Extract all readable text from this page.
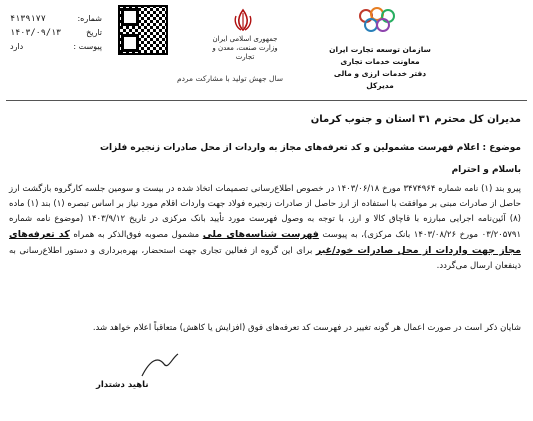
شماره:
۴۱۳۹۱۷۷
تاریخ
۱۴۰۳/۰۹/۱۳
پیوست :
دارد
جمهوری اسلامی ایران
وزارت صنعت، معدن و تجارت
سازمان توسعه تجارت ایران
معاونت خدمات تجاری
دفتر خدمات ارزی و مالی
مدیرکل
سال جهش تولید با مشارکت مردم
مدیران کل محترم ۳۱ استان و جنوب کرمان
موضوع : اعلام فهرست مشمولین و کد تعرفه‌های مجاز به واردات از محل صادرات زنجیره فلزات
باسلام و احترام

پیرو بند (۱) نامه شماره ۳۴۷۴۹۶۴ مورخ ۱۴۰۳/۰۶/۱۸ در خصوص اطلاع‌رسانی تصمیمات اتخاذ شده در بیست و سومین جلسه کارگروه بازگشت ارز حاصل از صادرات مبنی بر موافقت با استفاده از ارز حاصل از صادرات زنجیره فولاد جهت واردات اقلام مورد نیاز بر اساس تبصره (۱) بند (۱) ماده (۸) آئین‌نامه اجرایی مبارزه با قاچاق کالا و ارز، با توجه به وصول فهرست مورد تأیید بانک مرکزی در تاریخ ۱۴۰۳/۹/۱۲ (موضوع نامه شماره ۰۳/۲۰۵۷۹۱ مورخ ۱۴۰۳/۰۸/۲۶ بانک مرکزی)، به پیوست فهرست شناسه‌های ملی مشمول مصوبه فوق‌الذکر به همراه کد تعرفه‌های مجاز جهت واردات از محل صادرات خود/غیر برای این گروه از فعالین تجاری جهت استحضار، بهره‌برداری و دستور اطلاع‌رسانی به ذینفعان ارسال می‌گردد.

شایان ذکر است در صورت اعمال هر گونه تغییر در فهرست کد تعرفه‌های فوق (افزایش یا کاهش) متعاقباً اعلام خواهد شد.
ناهید دشتدار
